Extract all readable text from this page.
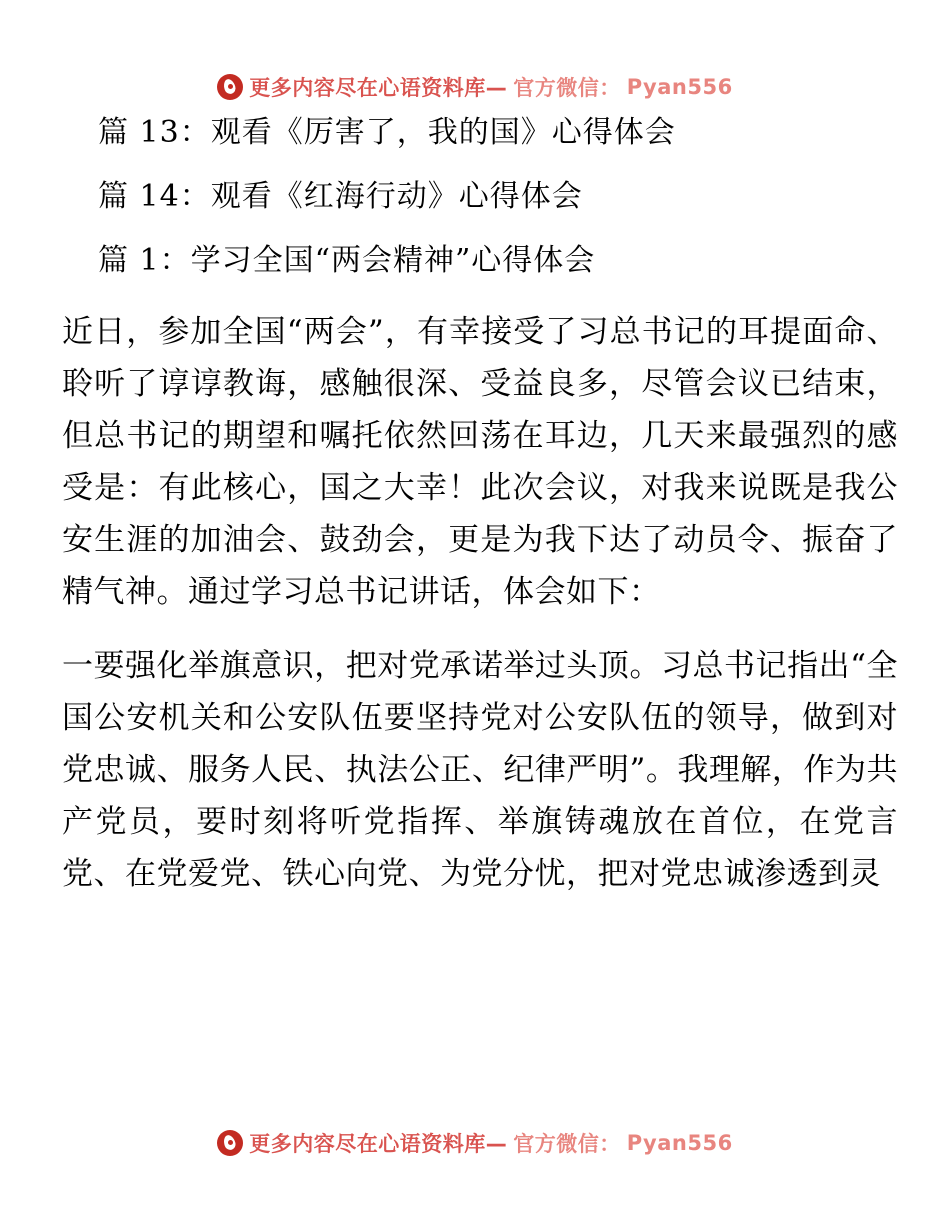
更多内容尽在心语资料库— 官方微信： Pyan556
篇 13：观看《厉害了，我的国》心得体会
篇 14：观看《红海行动》心得体会
篇 1：学习全国“两会精神”心得体会

近日，参加全国“两会”，有幸接受了习总书记的耳提面命、聆听了谆谆教诲，感触很深、受益良多，尽管会议已结束，但总书记的期望和嘱托依然回荡在耳边，几天来最强烈的感受是：有此核心，国之大幸！此次会议，对我来说既是我公安生涯的加油会、鼓劲会，更是为我下达了动员令、振奋了精气神。通过学习总书记讲话，体会如下：

一要强化举旗意识，把对党承诺举过头顶。习总书记指出“全国公安机关和公安队伍要坚持党对公安队伍的领导，做到对党忠诚、服务人民、执法公正、纪律严明”。我理解，作为共产党员，要时刻将听党指挥、举旗铸魂放在首位，在党言党、在党爱党、铁心向党、为党分忧，把对党忠诚渗透到灵

更多内容尽在心语资料库— 官方微信： Pyan556
